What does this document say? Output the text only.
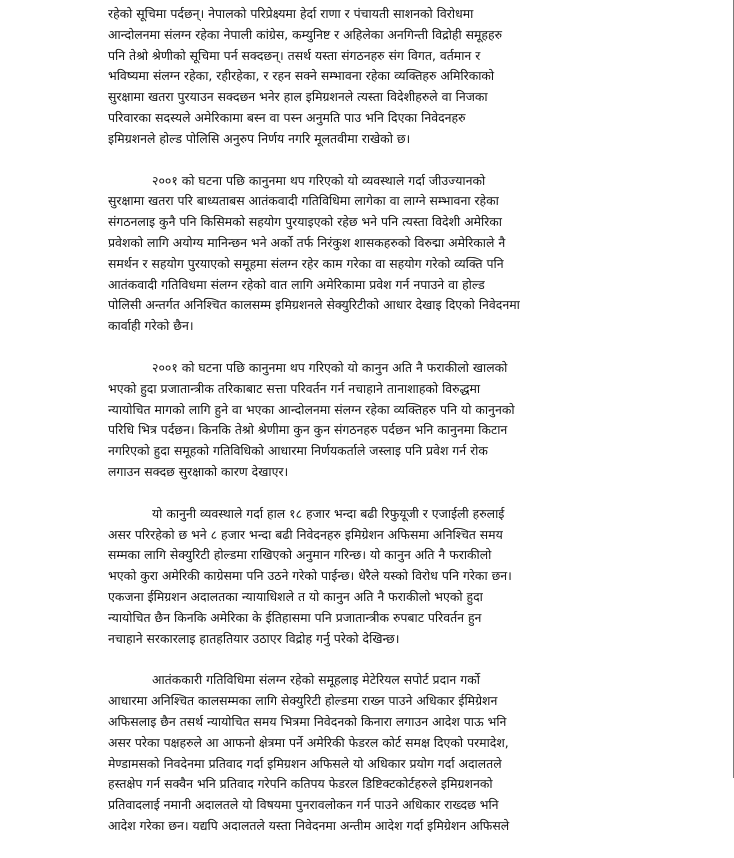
रहेको सूचिमा पर्दछन्। नेपालको परिप्रेक्ष्यमा हेर्दा राणा र पंचायती साशनको विरोधमा
आन्दोलनमा संलग्न रहेका नेपाली कांग्रेस, कम्युनिष्ट र अहिलेका अनगिन्ती विद्रोही समूहहरु
पनि तेश्रो श्रेणीको सूचिमा पर्न सक्दछन्। तसर्थ यस्ता संगठनहरु संग विगत, वर्तमान र
भविष्यमा संलग्न रहेका, रहीरहेका, र रहन सक्ने सम्भावना रहेका व्यक्तिहरु अमिरिकाको
सुरक्षामा खतरा पुरयाउन सक्दछन भनेर हाल इमिग्रशनले त्यस्ता विदेशीहरुले वा निजका
परिवारका सदस्यले अमेरिकामा बस्न वा पस्न अनुमति पाउ भनि दिएका निवेदनहरु
इमिग्रशनले होल्ड पोलिसि अनुरुप निर्णय नगरि मूलतवीमा राखेको छ।
२००१ को घटना पछि कानुनमा थप गरिएको यो व्यवस्थाले गर्दा जीउज्यानको
सुरक्षामा खतरा परि बाध्यताबस आतंकवादी गतिविधिमा लागेका वा लाग्ने सम्भावना रहेका
संगठनलाइ कुनै पनि किसिमको सहयोग पुरयाइएको रहेछ भने पनि त्यस्ता विदेशी अमेरिका
प्रवेशको लागि अयोग्य मानिन्छन भने अर्को तर्फ निरंकुश शासकहरुको विरुद्मा अमेरिकाले नै
समर्थन र सहयोग पुरयाएको समूहमा संलग्न रहेर काम गरेका वा सहयोग गरेको व्यक्ति पनि
आतंकवादी गतिविधमा संलग्न रहेको वात लागि अमेरिकामा प्रवेश गर्न नपाउने वा होल्ड
पोलिसी अन्तर्गत अनिश्चित कालसम्म इमिग्रशनले सेक्युरिटीको आधार देखाइ दिएको निवेदनमा
कार्वाही गरेको छैन।
२००१ को घटना पछि कानुनमा थप गरिएको यो कानुन अति नै फराकीलो खालको
भएको हुदा प्रजातान्त्रीक तरिकाबाट सत्ता परिवर्तन गर्न नचाहाने तानाशाहको विरुद्धमा
न्यायोचित मागको लागि हुने वा भएका आन्दोलनमा संलग्न रहेका व्यक्तिहरु पनि यो कानुनको
परिधि भित्र पर्दछन। किनकि तेश्रो श्रेणीमा कुन कुन संगठनहरु पर्दछन भनि कानुनमा किटान
नगरिएको हुदा समूहको गतिविधिको आधारमा निर्णयकर्ताले जस्लाइ पनि प्रवेश गर्न रोक
लगाउन सक्दछ सुरक्षाको कारण देखाएर।
यो कानुनी व्यवस्थाले गर्दा हाल १८ हजार भन्दा बढी रिफुयूजी र एजाईली हरुलाई
असर परिरहेको छ भने ८ हजार भन्दा बढी निवेदनहरु इमिग्रेशन अफिसमा अनिश्चित समय
सम्मका लागि सेक्युरिटी होल्डमा राखिएको अनुमान गरिन्छ। यो कानुन अति नै फराकीलो
भएको कुरा अमेरिकी काग्रेसमा पनि उठने गरेको पाईन्छ। धेरैले यस्को विरोध पनि गरेका छन।
एकजना ईमिग्रशन अदालतका न्यायाधिशले त यो कानुन अति नै फराकीलो भएको हुदा
न्यायोचित छैन किनकि अमेरिका के ईतिहासमा पनि प्रजातान्त्रीक रुपबाट परिवर्तन हुन
नचाहाने सरकारलाइ हातहतियार उठाएर विद्रोह गर्नु परेको देखिन्छ।
आतंककारी गतिविधिमा संलग्न रहेको समूहलाइ मेटेरियल सपोर्ट प्रदान गर्को
आधारमा अनिश्चित कालसम्मका लागि सेक्युरिटी होल्डमा राख्न पाउने अधिकार ईमिग्रेशन
अफिसलाइ छैन तसर्थ न्यायोचित समय भित्रमा निवेदनको किनारा लगाउन आदेश पाऊ भनि
असर परेका पक्षहरुले आ आफनो क्षेत्रमा पर्ने अमेरिकी फेडरल कोर्ट समक्ष दिएको परमादेश,
मेण्डामसको निवदेनमा प्रतिवाद गर्दा इमिग्रशन अफिसले यो अधिकार प्रयोग गर्दा अदालतले
हस्तक्षेप गर्न सक्वैन भनि प्रतिवाद गरेपनि कतिपय फेडरल डिष्टिक्टकोर्टहरुले इमिग्रशनको
प्रतिवादलाई नमानी अदालतले यो विषयमा पुनरावलोकन गर्न पाउने अधिकार राख्दछ भनि
आदेश गरेका छन। यद्यपि अदालतले यस्ता निवेदनमा अन्तीम आदेश गर्दा इमिग्रेशन अफिसले
